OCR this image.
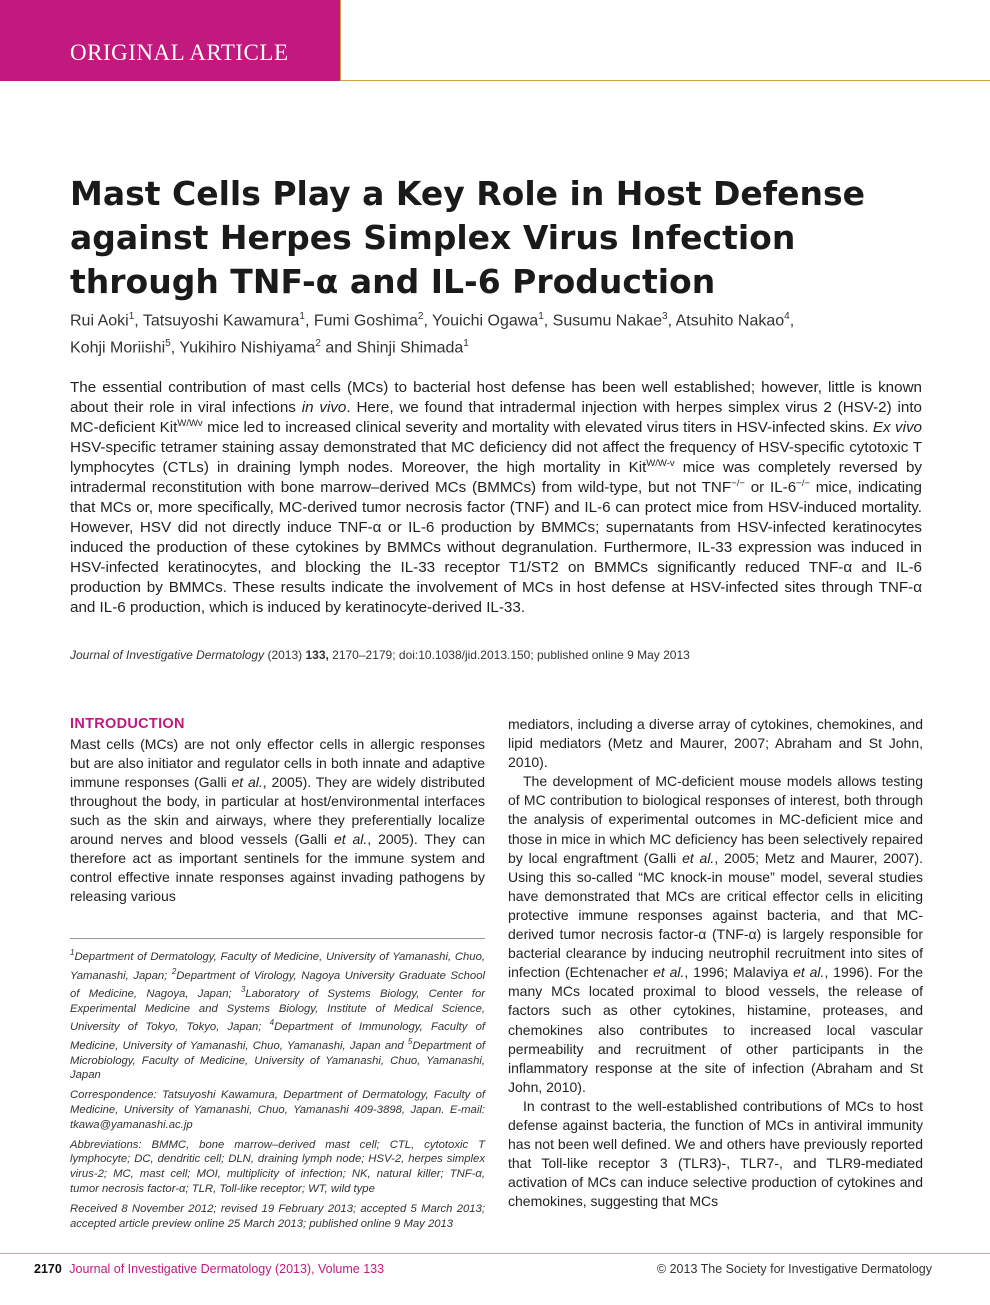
ORIGINAL ARTICLE
Mast Cells Play a Key Role in Host Defense against Herpes Simplex Virus Infection through TNF-α and IL-6 Production
Rui Aoki$^1$, Tatsuyoshi Kawamura$^1$, Fumi Goshima$^2$, Youichi Ogawa$^1$, Susumu Nakae$^3$, Atsuhito Nakao$^4$,
Kohji Moriishi$^5$, Yukihiro Nishiyama$^2$ and Shinji Shimada$^1$
The essential contribution of mast cells (MCs) to bacterial host defense has been well established; however, little is known about their role in viral infections in vivo. Here, we found that intradermal injection with herpes simplex virus 2 (HSV-2) into MC-deficient Kit$^{W/Wv}$ mice led to increased clinical severity and mortality with elevated virus titers in HSV-infected skins. Ex vivo HSV-specific tetramer staining assay demonstrated that MC deficiency did not affect the frequency of HSV-specific cytotoxic T lymphocytes (CTLs) in draining lymph nodes. Moreover, the high mortality in Kit$^{W/W-v}$ mice was completely reversed by intradermal reconstitution with bone marrow–derived MCs (BMMCs) from wild-type, but not TNF−/− or IL-6−/− mice, indicating that MCs or, more specifically, MC-derived tumor necrosis factor (TNF) and IL-6 can protect mice from HSV-induced mortality. However, HSV did not directly induce TNF-α or IL-6 production by BMMCs; supernatants from HSV-infected keratinocytes induced the production of these cytokines by BMMCs without degranulation. Furthermore, IL-33 expression was induced in HSV-infected keratinocytes, and blocking the IL-33 receptor T1/ST2 on BMMCs significantly reduced TNF-α and IL-6 production by BMMCs. These results indicate the involvement of MCs in host defense at HSV-infected sites through TNF-α and IL-6 production, which is induced by keratinocyte-derived IL-33.
Journal of Investigative Dermatology (2013) 133, 2170–2179; doi:10.1038/jid.2013.150; published online 9 May 2013
INTRODUCTION
Mast cells (MCs) are not only effector cells in allergic responses but are also initiator and regulator cells in both innate and adaptive immune responses (Galli et al., 2005). They are widely distributed throughout the body, in particular at host/environmental interfaces such as the skin and airways, where they preferentially localize around nerves and blood vessels (Galli et al., 2005). They can therefore act as important sentinels for the immune system and control effective innate responses against invading pathogens by releasing various

$^1$Department of Dermatology, Faculty of Medicine, University of Yamanashi, Chuo, Yamanashi, Japan; $^2$Department of Virology, Nagoya University Graduate School of Medicine, Nagoya, Japan; $^3$Laboratory of Systems Biology, Center for Experimental Medicine and Systems Biology, Institute of Medical Science, University of Tokyo, Tokyo, Japan; $^4$Department of Immunology, Faculty of Medicine, University of Yamanashi, Chuo, Yamanashi, Japan and $^5$Department of Microbiology, Faculty of Medicine, University of Yamanashi, Chuo, Yamanashi, Japan

Correspondence: Tatsuyoshi Kawamura, Department of Dermatology, Faculty of Medicine, University of Yamanashi, Chuo, Yamanashi 409-3898, Japan. E-mail: tkawa@yamanashi.ac.jp

Abbreviations: BMMC, bone marrow–derived mast cell; CTL, cytotoxic T lymphocyte; DC, dendritic cell; DLN, draining lymph node; HSV-2, herpes simplex virus-2; MC, mast cell; MOI, multiplicity of infection; NK, natural killer; TNF-α, tumor necrosis factor-α; TLR, Toll-like receptor; WT, wild type

Received 8 November 2012; revised 19 February 2013; accepted 5 March 2013; accepted article preview online 25 March 2013; published online 9 May 2013

mediators, including a diverse array of cytokines, chemokines, and lipid mediators (Metz and Maurer, 2007; Abraham and St John, 2010).

The development of MC-deficient mouse models allows testing of MC contribution to biological responses of interest, both through the analysis of experimental outcomes in MC-deficient mice and those in mice in which MC deficiency has been selectively repaired by local engraftment (Galli et al., 2005; Metz and Maurer, 2007). Using this so-called “MC knock-in mouse” model, several studies have demonstrated that MCs are critical effector cells in eliciting protective immune responses against bacteria, and that MC-derived tumor necrosis factor-α (TNF-α) is largely responsible for bacterial clearance by inducing neutrophil recruitment into sites of infection (Echtenacher et al., 1996; Malaviya et al., 1996). For the many MCs located proximal to blood vessels, the release of factors such as other cytokines, histamine, proteases, and chemokines also contributes to increased local vascular permeability and recruitment of other participants in the inflammatory response at the site of infection (Abraham and St John, 2010).

In contrast to the well-established contributions of MCs to host defense against bacteria, the function of MCs in antiviral immunity has not been well defined. We and others have previously reported that Toll-like receptor 3 (TLR3)-, TLR7-, and TLR9-mediated activation of MCs can induce selective production of cytokines and chemokines, suggesting that MCs

2170 Journal of Investigative Dermatology (2013), Volume 133	© 2013 The Society for Investigative Dermatology
